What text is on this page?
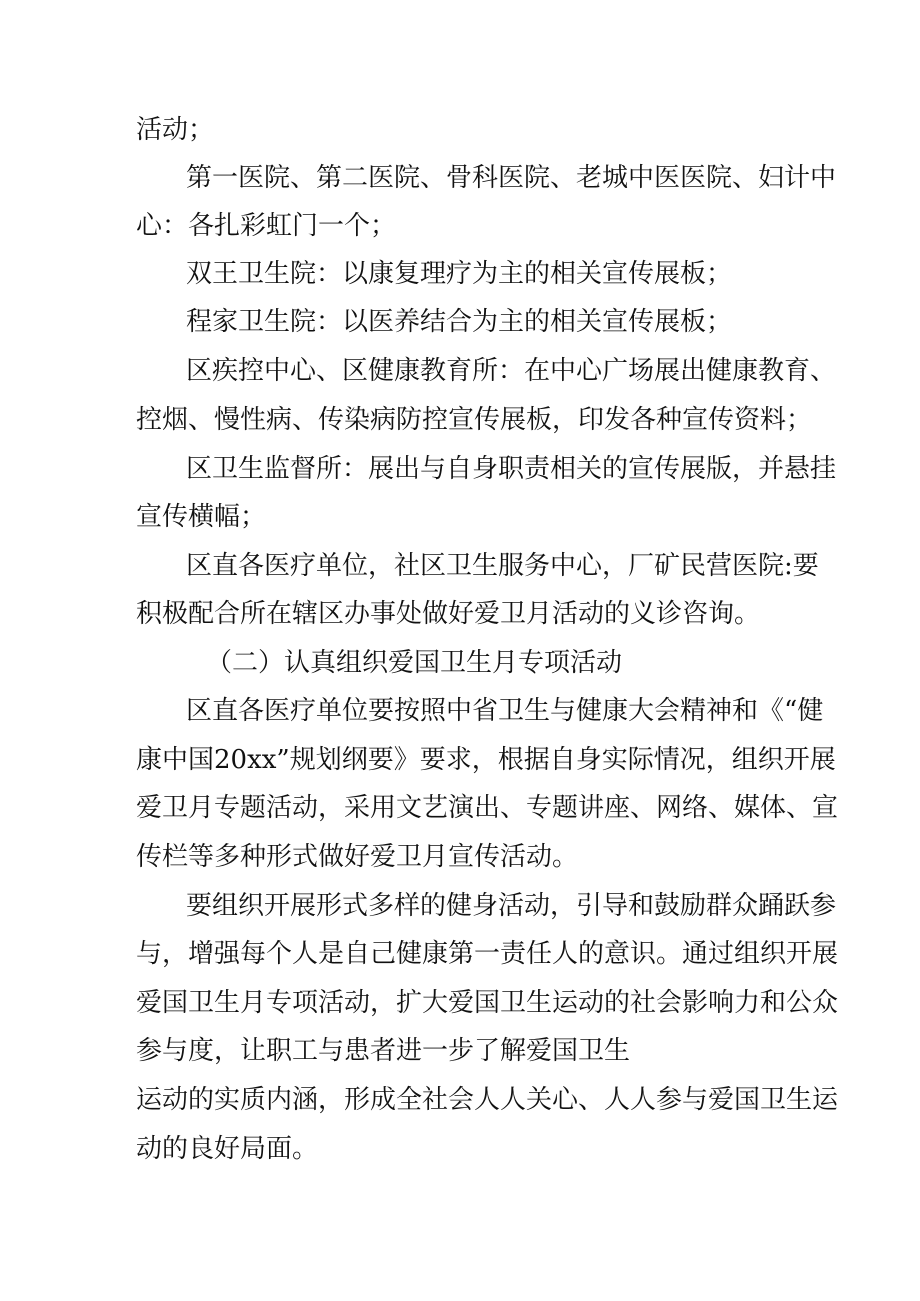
活动；

第一医院、第二医院、骨科医院、老城中医医院、妇计中

心：各扎彩虹门一个；

双王卫生院：以康复理疗为主的相关宣传展板；

程家卫生院：以医养结合为主的相关宣传展板；

区疾控中心、区健康教育所：在中心广场展出健康教育、

控烟、慢性病、传染病防控宣传展板，印发各种宣传资料；

区卫生监督所：展出与自身职责相关的宣传展版，并悬挂

宣传横幅；

区直各医疗单位，社区卫生服务中心，厂矿民营医院:要

积极配合所在辖区办事处做好爱卫月活动的义诊咨询。

（二）认真组织爱国卫生月专项活动

区直各医疗单位要按照中省卫生与健康大会精神和《“健

康中国20xx”规划纲要》要求，根据自身实际情况，组织开展

爱卫月专题活动，采用文艺演出、专题讲座、网络、媒体、宣

传栏等多种形式做好爱卫月宣传活动。

要组织开展形式多样的健身活动，引导和鼓励群众踊跃参

与，增强每个人是自己健康第一责任人的意识。通过组织开展

爱国卫生月专项活动，扩大爱国卫生运动的社会影响力和公众

参与度，让职工与患者进一步了解爱国卫生

运动的实质内涵，形成全社会人人关心、人人参与爱国卫生运

动的良好局面。
